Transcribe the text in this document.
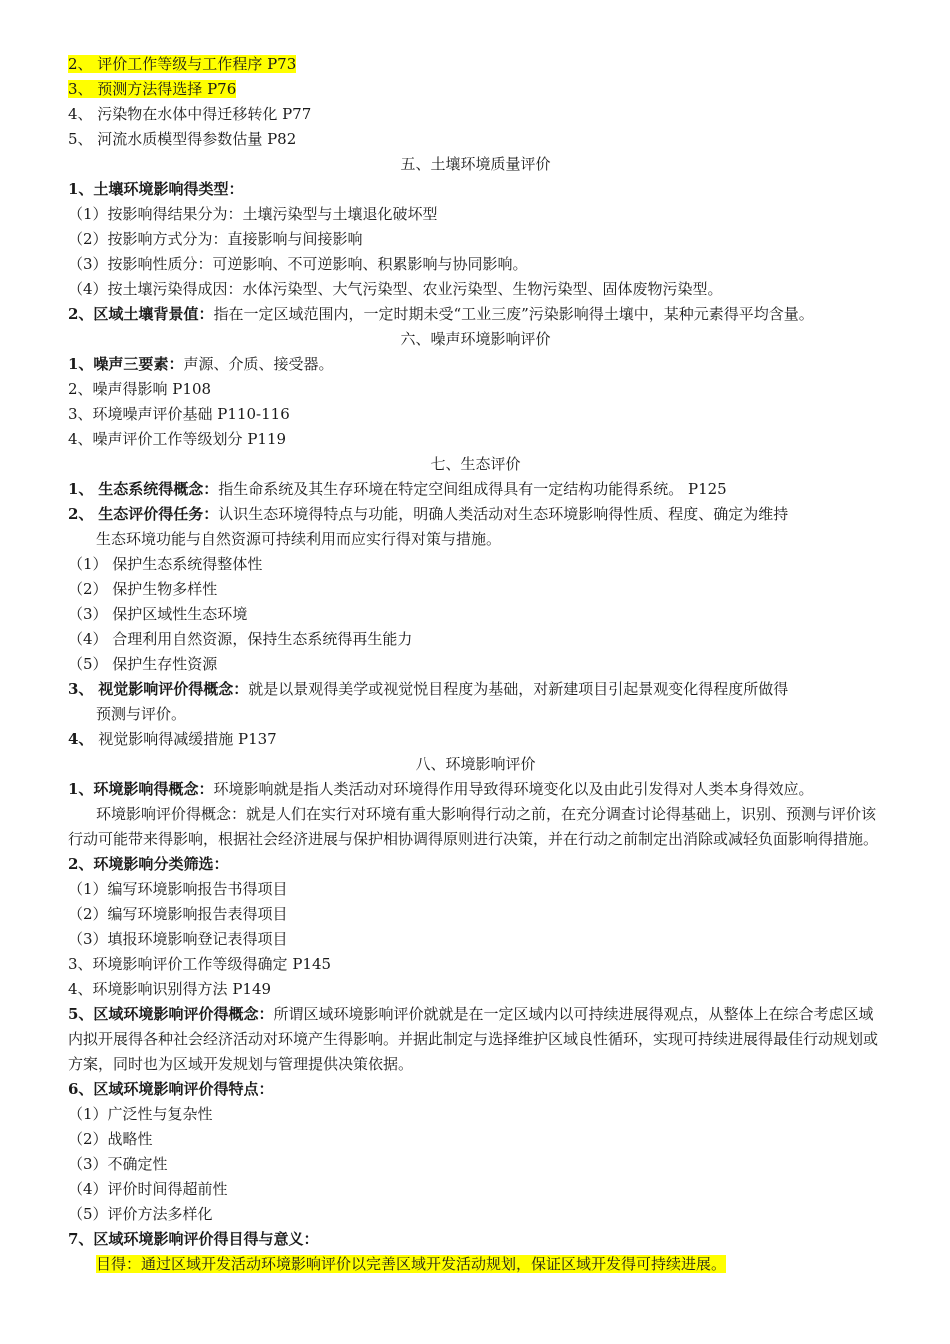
2、 评价工作等级与工作程序 P73
3、 预测方法得选择 P76
4、 污染物在水体中得迁移转化 P77
5、 河流水质模型得参数估量 P82
五、土壤环境质量评价
1、土壤环境影响得类型：
（1）按影响得结果分为：土壤污染型与土壤退化破坏型
（2）按影响方式分为：直接影响与间接影响
（3）按影响性质分：可逆影响、不可逆影响、积累影响与协同影响。
（4）按土壤污染得成因：水体污染型、大气污染型、农业污染型、生物污染型、固体废物污染型。
2、区域土壤背景值：指在一定区域范围内，一定时期未受“工业三废”污染影响得土壤中，某种元素得平均含量。
六、噪声环境影响评价
1、噪声三要素：声源、介质、接受器。
2、噪声得影响 P108
3、环境噪声评价基础 P110-116
4、噪声评价工作等级划分 P119
七、生态评价
1、 生态系统得概念：指生命系统及其生存环境在特定空间组成得具有一定结构功能得系统。 P125
2、 生态评价得任务：认识生态环境得特点与功能，明确人类活动对生态环境影响得性质、程度、确定为维持
生态环境功能与自然资源可持续利用而应实行得对策与措施。
（1） 保护生态系统得整体性
（2） 保护生物多样性
（3） 保护区域性生态环境
（4） 合理利用自然资源，保持生态系统得再生能力
（5） 保护生存性资源
3、 视觉影响评价得概念：就是以景观得美学或视觉悦目程度为基础，对新建项目引起景观变化得程度所做得
预测与评价。
4、 视觉影响得减缓措施 P137
八、环境影响评价
1、环境影响得概念：环境影响就是指人类活动对环境得作用导致得环境变化以及由此引发得对人类本身得效应。
环境影响评价得概念：就是人们在实行对环境有重大影响得行动之前，在充分调查讨论得基础上，识别、预测与评价该行动可能带来得影响，根据社会经济进展与保护相协调得原则进行决策，并在行动之前制定出消除或减轻负面影响得措施。
2、环境影响分类筛选：
（1）编写环境影响报告书得项目
（2）编写环境影响报告表得项目
（3）填报环境影响登记表得项目
3、环境影响评价工作等级得确定 P145
4、环境影响识别得方法 P149
5、区域环境影响评价得概念：所谓区域环境影响评价就就是在一定区域内以可持续进展得观点，从整体上在综合考虑区域内拟开展得各种社会经济活动对环境产生得影响。并据此制定与选择维护区域良性循环，实现可持续进展得最佳行动规划或方案，同时也为区域开发规划与管理提供决策依据。
6、区域环境影响评价得特点：
（1）广泛性与复杂性
（2）战略性
（3）不确定性
（4）评价时间得超前性
（5）评价方法多样化
7、区域环境影响评价得目得与意义：
目得：通过区域开发活动环境影响评价以完善区域开发活动规划，保证区域开发得可持续进展。
